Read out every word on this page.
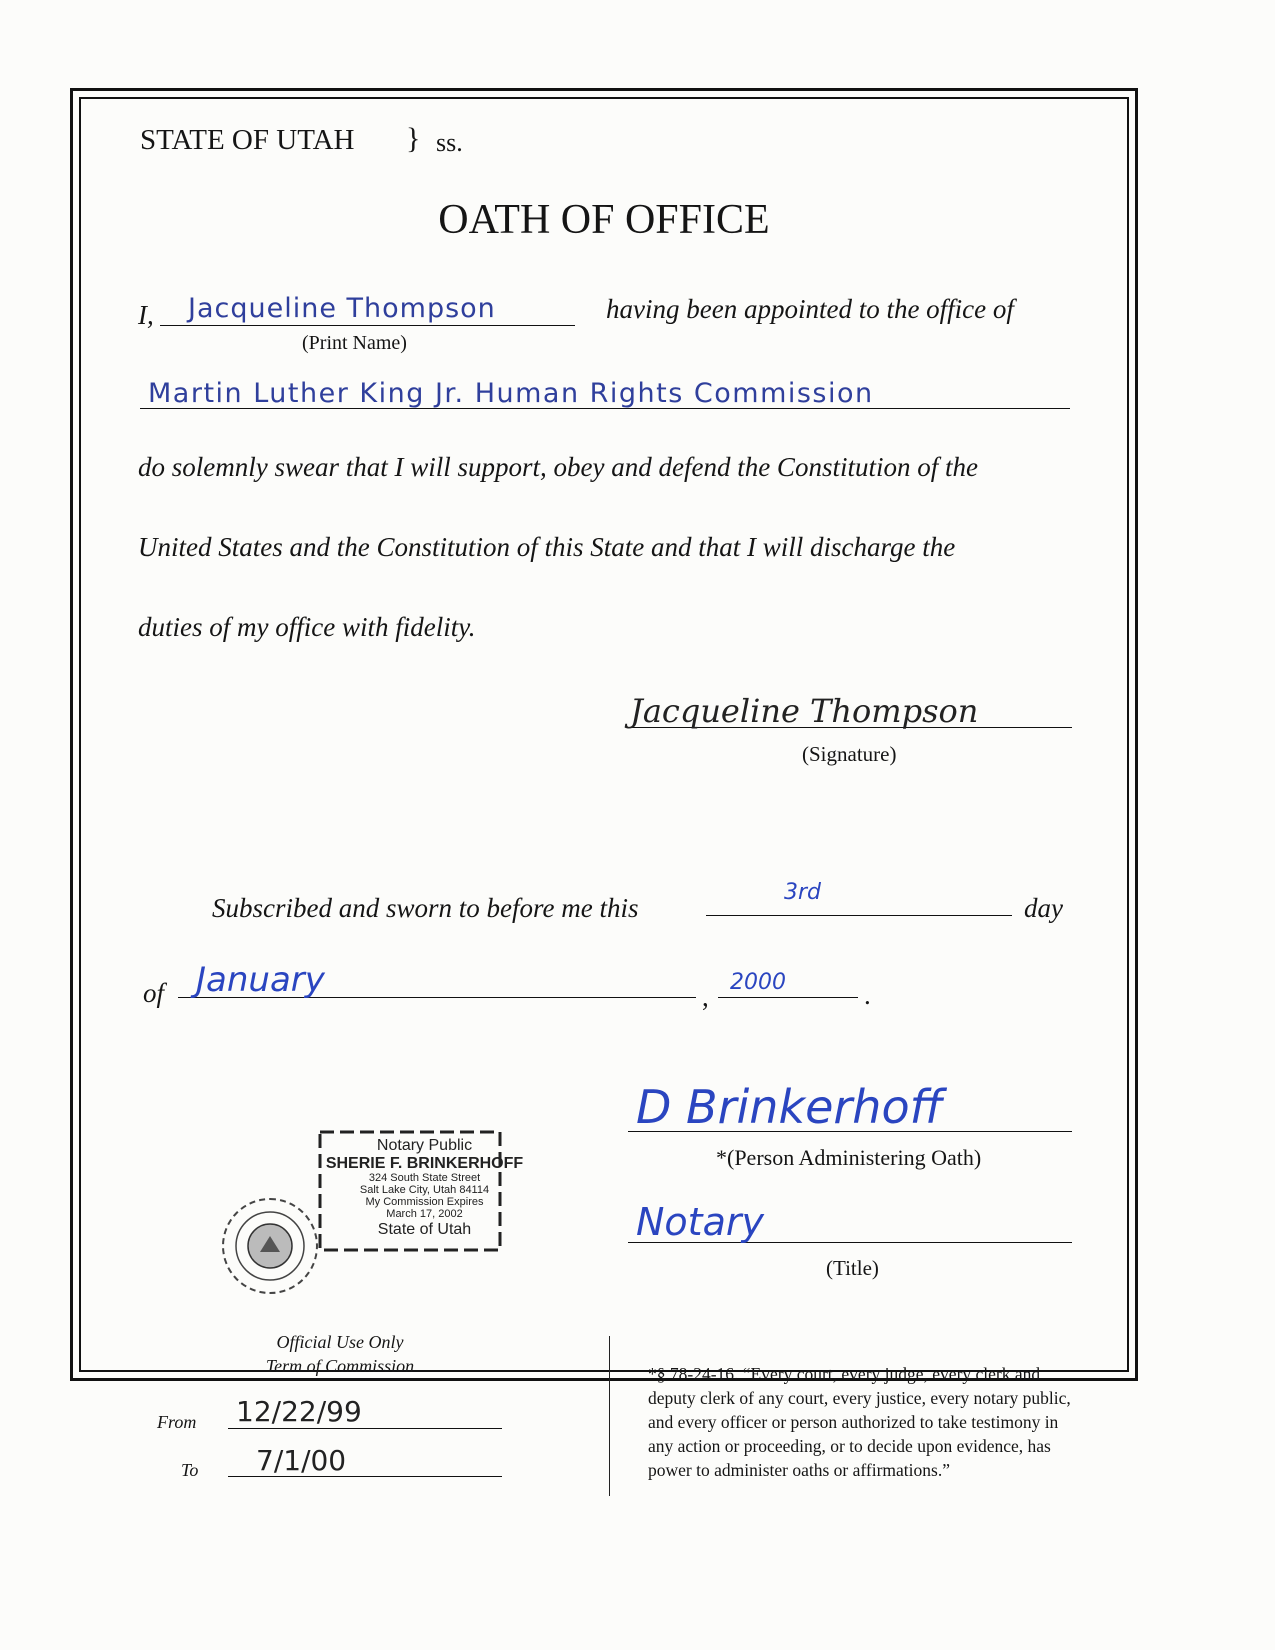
STATE OF UTAH } ss.
OATH OF OFFICE
I, Jacqueline Thompson
(Print Name)
having been appointed to the office of
Martin Luther King Jr. Human Rights Commission
do solemnly swear that I will support, obey and defend the Constitution of the
United States and the Constitution of this State and that I will discharge the
duties of my office with fidelity.
Jacqueline Thompson
(Signature)
Subscribed and sworn to before me this
3rd
day
of January	, 2000	.
D Brinkerhoff
*(Person Administering Oath)
Notary
(Title)
Notary Public
SHERIE F. BRINKERHOFF
324 South State Street
Salt Lake City, Utah 84114
My Commission Expires
March 17, 2002
State of Utah
Official Use Only
Term of Commission
From 12/22/99
To 7/1/00
*§ 78-24-16. “Every court, every judge, every clerk and
deputy clerk of any court, every justice, every notary public,
and every officer or person authorized to take testimony in
any action or proceeding, or to decide upon evidence, has
power to administer oaths or affirmations.”
